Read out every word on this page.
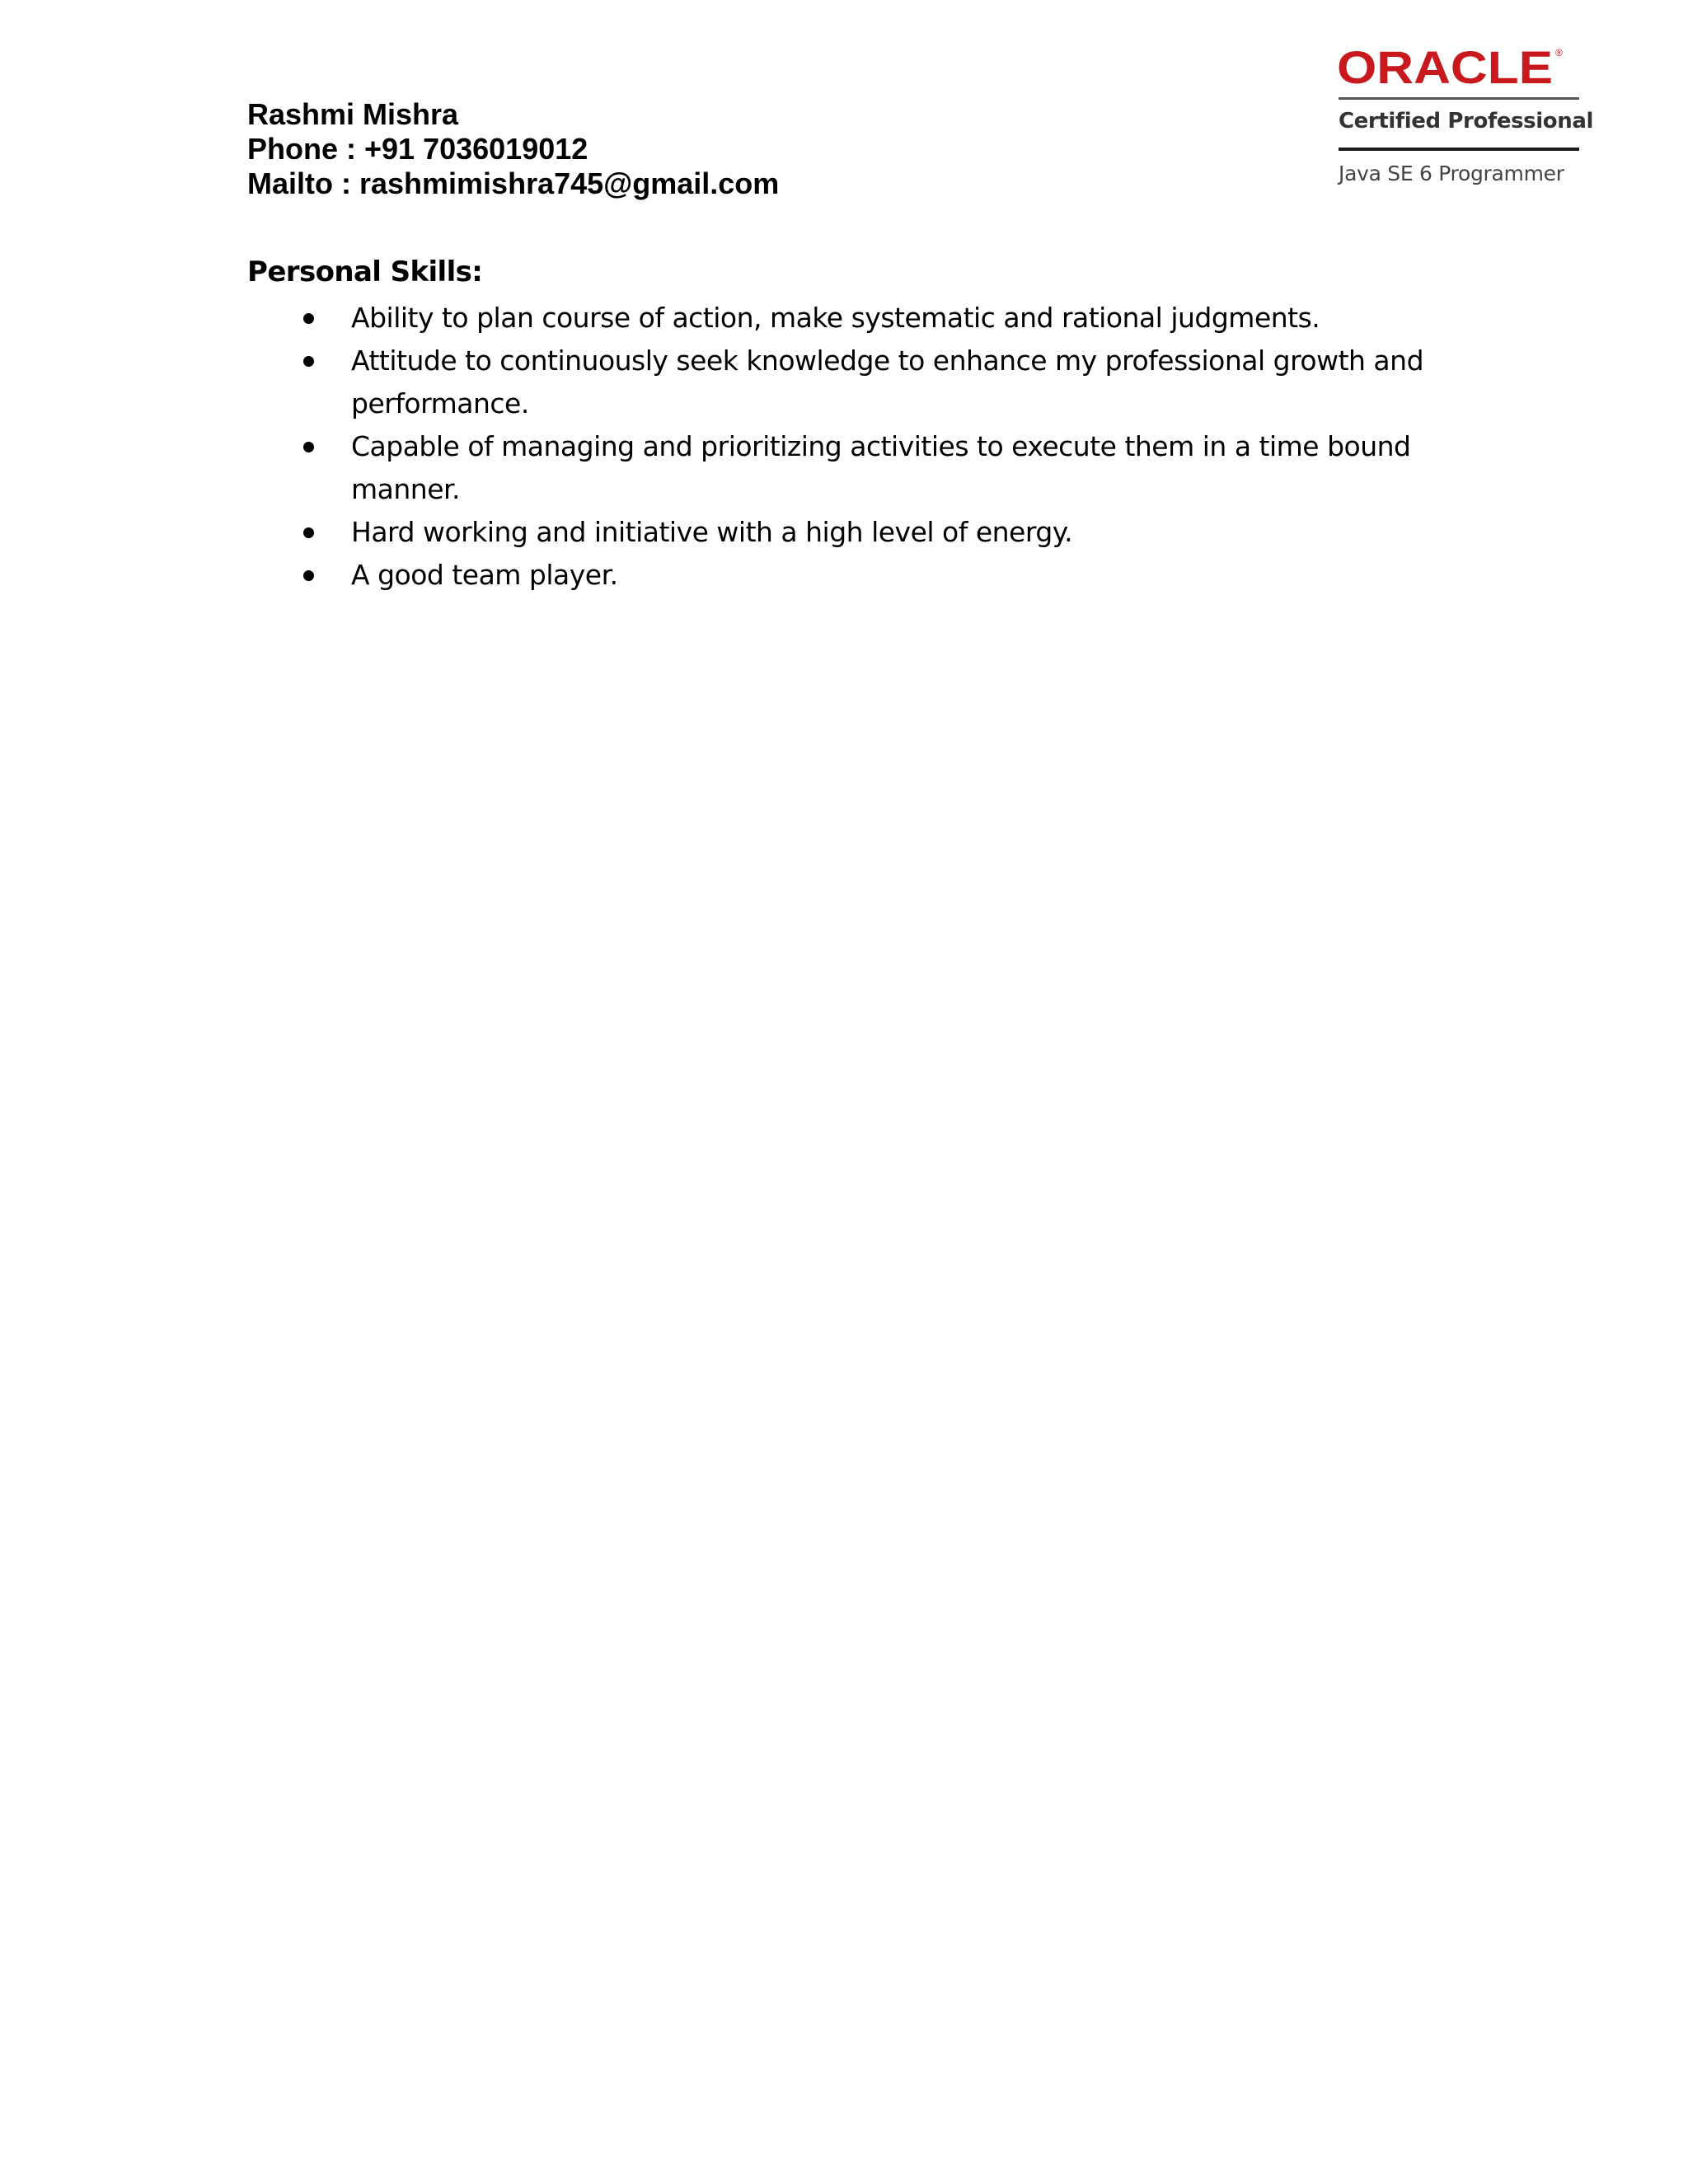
Rashmi Mishra
Phone : +91 7036019012
Mailto : rashmimishra745@gmail.com
ORACLE ®
Certified Professional
Java SE 6 Programmer
Personal Skills:
Ability to plan course of action, make systematic and rational judgments.
Attitude to continuously seek knowledge to enhance my professional growth and performance.
Capable of managing and prioritizing activities to execute them in a time bound manner.
Hard working and initiative with a high level of energy.
A good team player.
